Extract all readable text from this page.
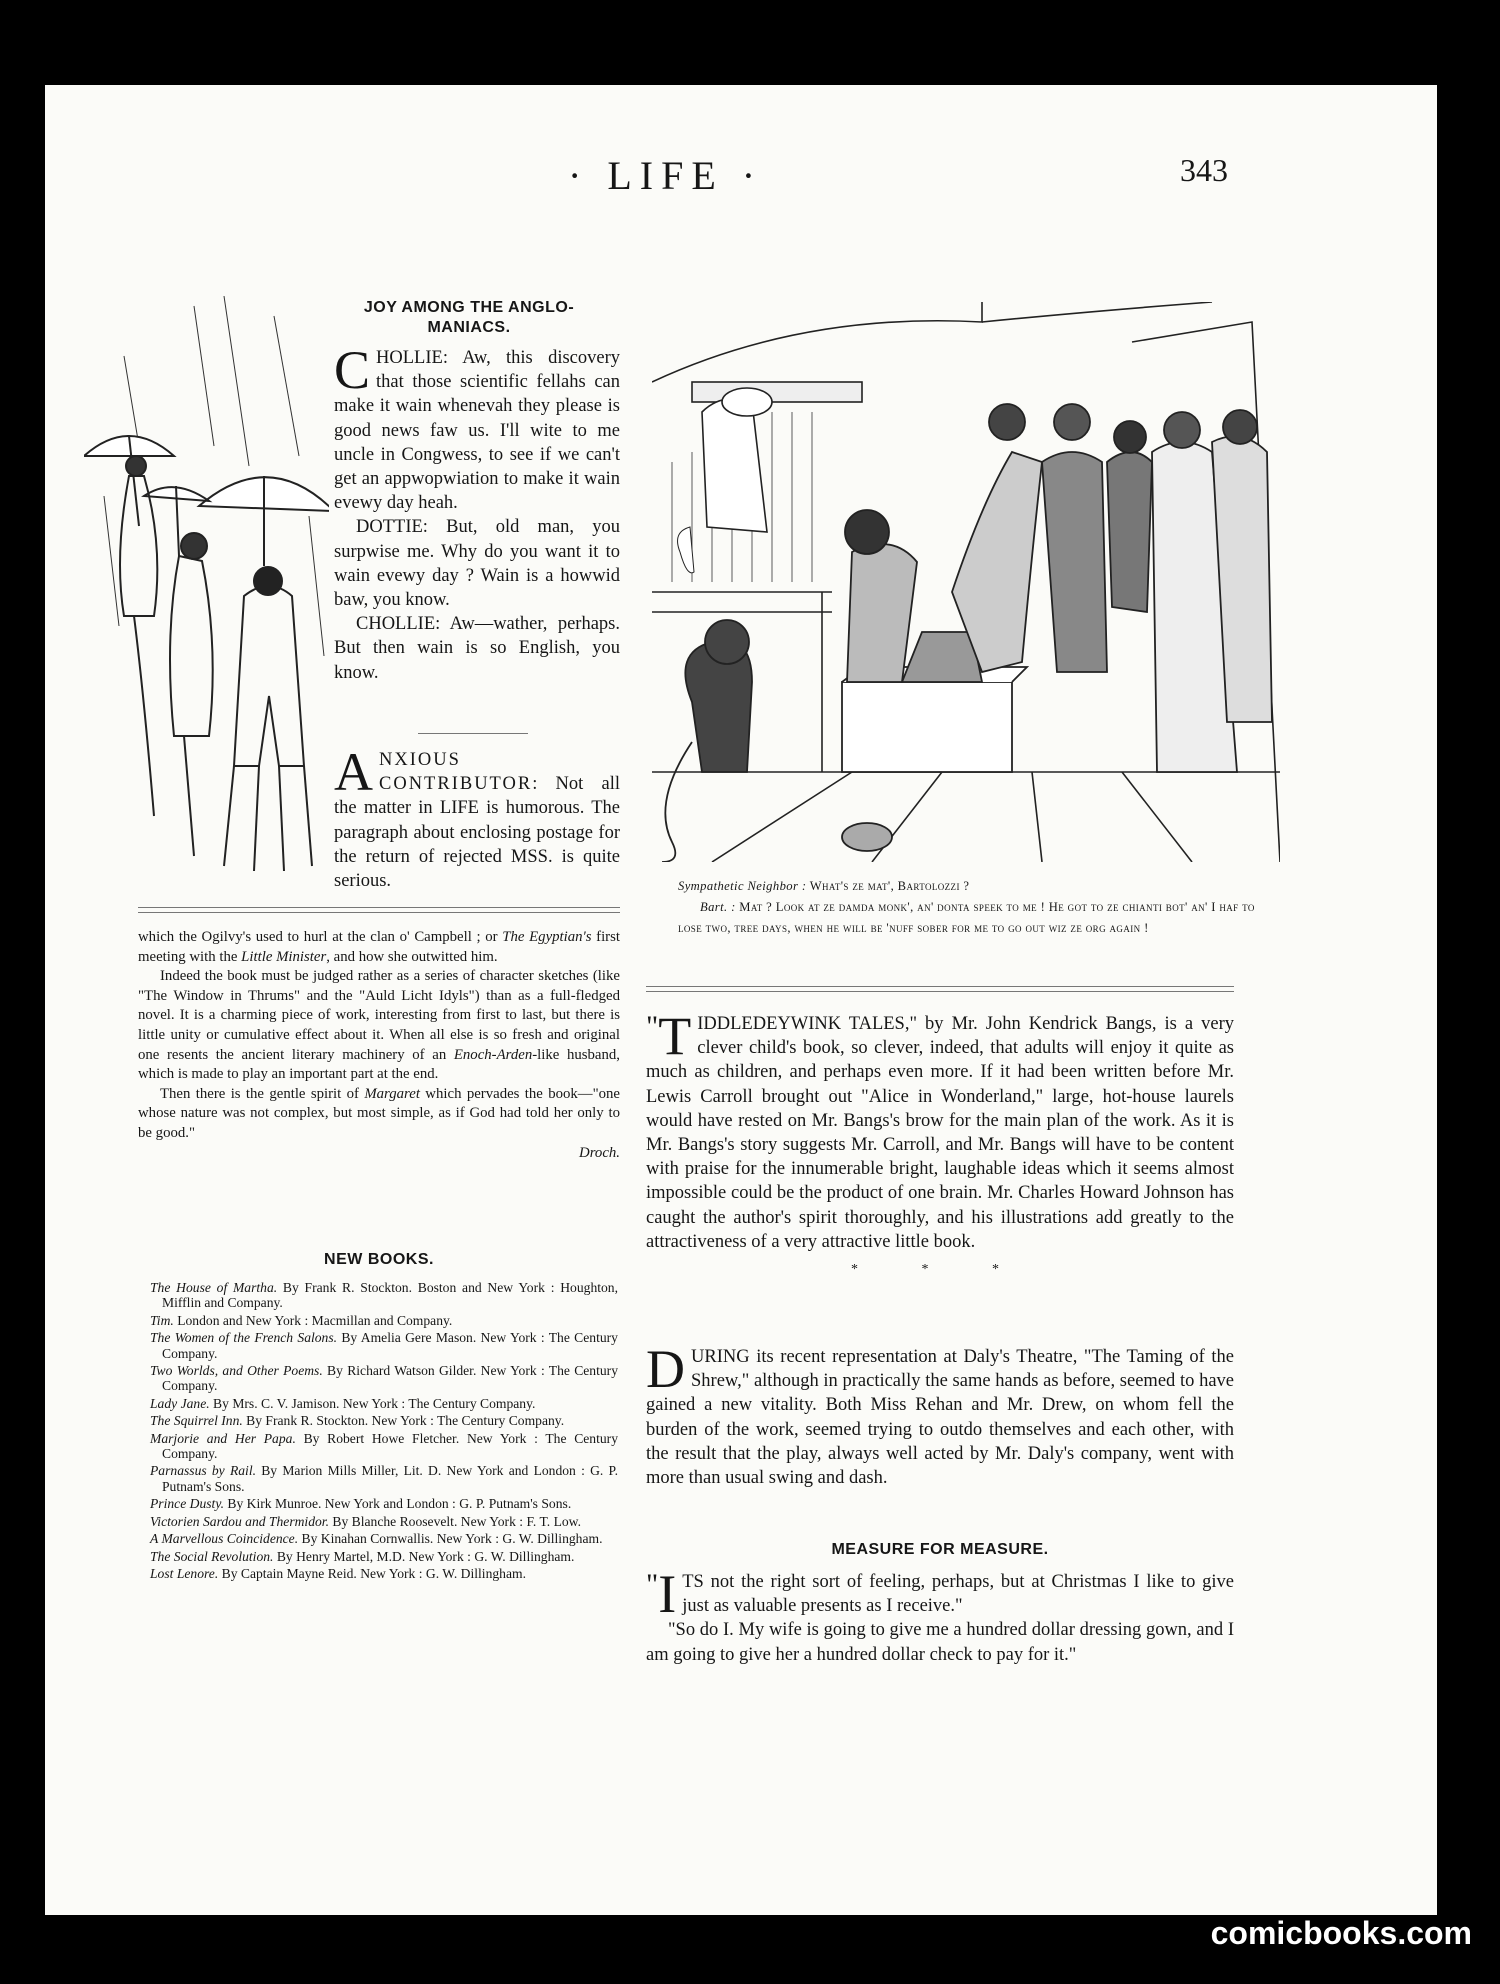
· LIFE ·	343
JOY AMONG THE ANGLO-MANIACS.

CHOLLIE: Aw, this discovery that those scientific fellahs can make it wain whenevah they please is good news faw us. I'll wite to me uncle in Congwess, to see if we can't get an appwopwiation to make it wain evewy day heah.

DOTTIE: But, old man, you surpwise me. Why do you want it to wain evewy day ? Wain is a howwid baw, you know.

CHOLLIE: Aw—wather, perhaps. But then wain is so English, you know.

ANXIOUS CONTRIBUTOR: Not all the matter in LIFE is humorous. The paragraph about enclosing postage for the return of rejected MSS. is quite serious.

which the Ogilvy's used to hurl at the clan o' Campbell ; or The Egyptian's first meeting with the Little Minister, and how she outwitted him.

Indeed the book must be judged rather as a series of character sketches (like "The Window in Thrums" and the "Auld Licht Idyls") than as a full-fledged novel. It is a charming piece of work, interesting from first to last, but there is little unity or cumulative effect about it. When all else is so fresh and original one resents the ancient literary machinery of an Enoch-Arden-like husband, which is made to play an important part at the end.

Then there is the gentle spirit of Margaret which pervades the book—"one whose nature was not complex, but most simple, as if God had told her only to be good."

Droch.

NEW BOOKS.

The House of Martha. By Frank R. Stockton. Boston and New York : Houghton, Mifflin and Company.

Tim. London and New York : Macmillan and Company.

The Women of the French Salons. By Amelia Gere Mason. New York : The Century Company.

Two Worlds, and Other Poems. By Richard Watson Gilder. New York : The Century Company.

Lady Jane. By Mrs. C. V. Jamison. New York : The Century Company.

The Squirrel Inn. By Frank R. Stockton. New York : The Century Company.

Marjorie and Her Papa. By Robert Howe Fletcher. New York : The Century Company.

Parnassus by Rail. By Marion Mills Miller, Lit. D. New York and London : G. P. Putnam's Sons.

Prince Dusty. By Kirk Munroe. New York and London : G. P. Putnam's Sons.

Victorien Sardou and Thermidor. By Blanche Roosevelt. New York : F. T. Low.

A Marvellous Coincidence. By Kinahan Cornwallis. New York : G. W. Dillingham.

The Social Revolution. By Henry Martel, M.D. New York : G. W. Dillingham.

Lost Lenore. By Captain Mayne Reid. New York : G. W. Dillingham.

Sympathetic Neighbor : What's ze mat', Bartolozzi ?

Bart. : Mat ? Look at ze damda monk', an' donta speek to me ! He got to ze chianti bot' an' I haf to lose two, tree days, when he will be 'nuff sober for me to go out wiz ze org again !

" T IDDLEDEYWINK TALES," by Mr. John Kendrick Bangs, is a very clever child's book, so clever, indeed, that adults will enjoy it quite as much as children, and perhaps even more. If it had been written before Mr. Lewis Carroll brought out "Alice in Wonderland," large, hot-house laurels would have rested on Mr. Bangs's brow for the main plan of the work. As it is Mr. Bangs's story suggests Mr. Carroll, and Mr. Bangs will have to be content with praise for the innumerable bright, laughable ideas which it seems almost impossible could be the product of one brain. Mr. Charles Howard Johnson has caught the author's spirit thoroughly, and his illustrations add greatly to the attractiveness of a very attractive little book.

* * *

DURING its recent representation at Daly's Theatre, "The Taming of the Shrew," although in practically the same hands as before, seemed to have gained a new vitality. Both Miss Rehan and Mr. Drew, on whom fell the burden of the work, seemed trying to outdo themselves and each other, with the result that the play, always well acted by Mr. Daly's company, went with more than usual swing and dash.

MEASURE FOR MEASURE.

" I TS not the right sort of feeling, perhaps, but at Christmas I like to give just as valuable presents as I receive."

"So do I. My wife is going to give me a hundred dollar dressing gown, and I am going to give her a hundred dollar check to pay for it."

comicbooks.com
